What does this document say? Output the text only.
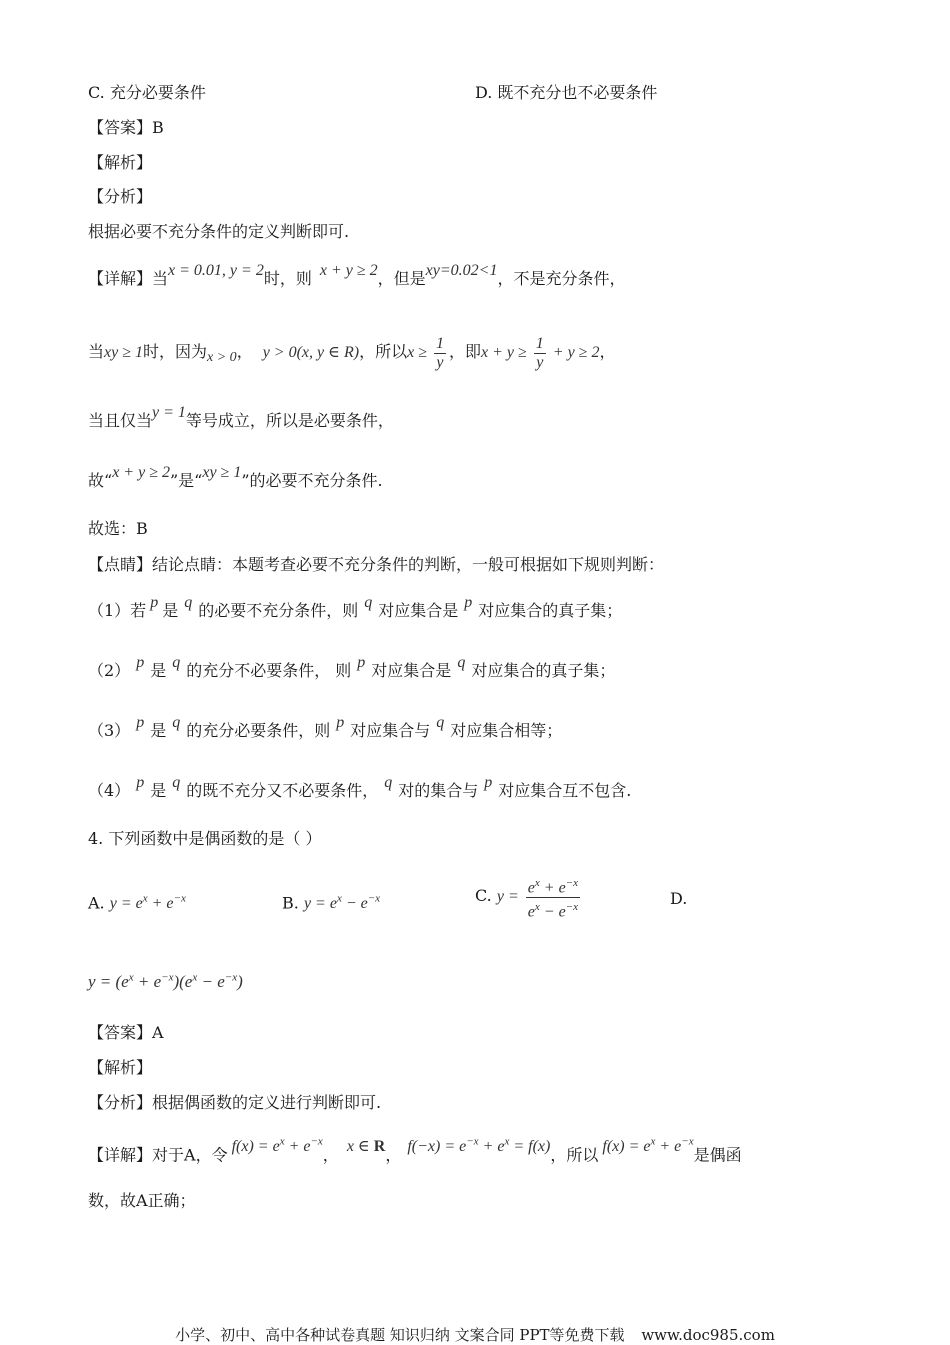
C. 充分必要条件	D. 既不充分也不必要条件
【答案】B
【解析】
【分析】
根据必要不充分条件的定义判断即可.
【详解】当x = 0.01, y = 2时，则 x + y ≥ 2，但是xy=0.02<1，不是充分条件，
当xy ≥ 1时，因为x > 0， y > 0(x, y ∈ R)，所以$x \ge \frac{1}{y}$ ，即$x + y \ge \frac{1}{y} + y \ge 2$，
当且仅当y = 1等号成立，所以是必要条件，
故“x + y ≥ 2”是“xy ≥ 1”的必要不充分条件.
故选：B
【点睛】结论点睛：本题考查必要不充分条件的判断，一般可根据如下规则判断：
（1）若 p 是 q 的必要不充分条件，则 q 对应集合是 p 对应集合的真子集；
（2） p 是 q 的充分不必要条件， 则 p 对应集合是 q 对应集合的真子集；
（3） p 是 q 的充分必要条件，则 p 对应集合与 q 对应集合相等；
（4） p 是 q 的既不充分又不必要条件， q 对的集合与 p 对应集合互不包含.
4. 下列函数中是偶函数的是（ ）
A. $y = e^x + e^{-x}$	B. $y = e^x - e^{-x}$	C. $y = \frac{e^x + e^{-x}}{e^x - e^{-x}}$	D.
$y = (e^x + e^{-x})(e^x - e^{-x})$
【答案】A
【解析】
【分析】根据偶函数的定义进行判断即可.
【详解】对于A，令 $f(x) = e^x + e^{-x}$， x ∈ R， $f(-x) = e^{-x} + e^x = f(x)$，所以 $f(x) = e^x + e^{-x}$是偶函
数，故A正确；
小学、初中、高中各种试卷真题 知识归纳 文案合同 PPT等免费下载 www.doc985.com
